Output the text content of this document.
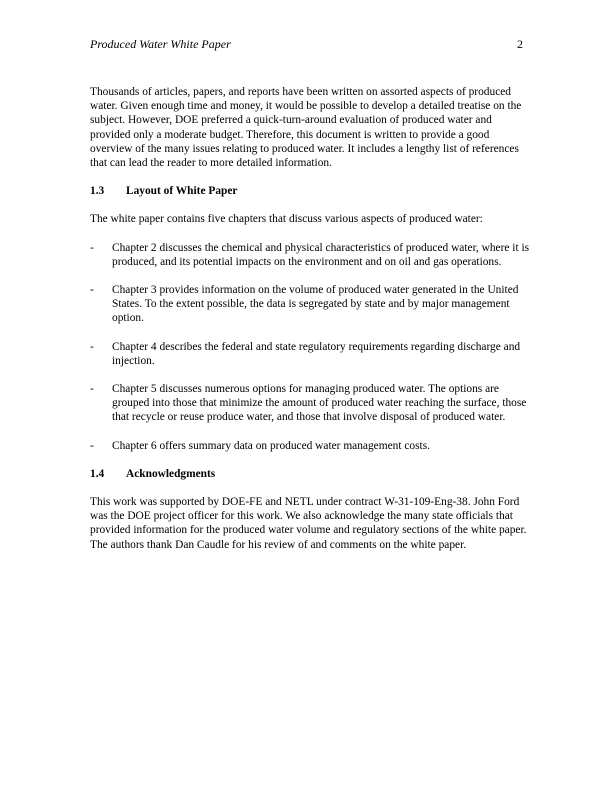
Produced Water White Paper	2

Thousands of articles, papers, and reports have been written on assorted aspects of produced water. Given enough time and money, it would be possible to develop a detailed treatise on the subject. However, DOE preferred a quick-turn-around evaluation of produced water and provided only a moderate budget. Therefore, this document is written to provide a good overview of the many issues relating to produced water. It includes a lengthy list of references that can lead the reader to more detailed information.

1.3 Layout of White Paper

The white paper contains five chapters that discuss various aspects of produced water:

- Chapter 2 discusses the chemical and physical characteristics of produced water, where it is produced, and its potential impacts on the environment and on oil and gas operations.
- Chapter 3 provides information on the volume of produced water generated in the United States. To the extent possible, the data is segregated by state and by major management option.
- Chapter 4 describes the federal and state regulatory requirements regarding discharge and injection.
- Chapter 5 discusses numerous options for managing produced water. The options are grouped into those that minimize the amount of produced water reaching the surface, those that recycle or reuse produce water, and those that involve disposal of produced water.
- Chapter 6 offers summary data on produced water management costs.
1.4 Acknowledgments

This work was supported by DOE-FE and NETL under contract W-31-109-Eng-38. John Ford was the DOE project officer for this work. We also acknowledge the many state officials that provided information for the produced water volume and regulatory sections of the white paper. The authors thank Dan Caudle for his review of and comments on the white paper.
